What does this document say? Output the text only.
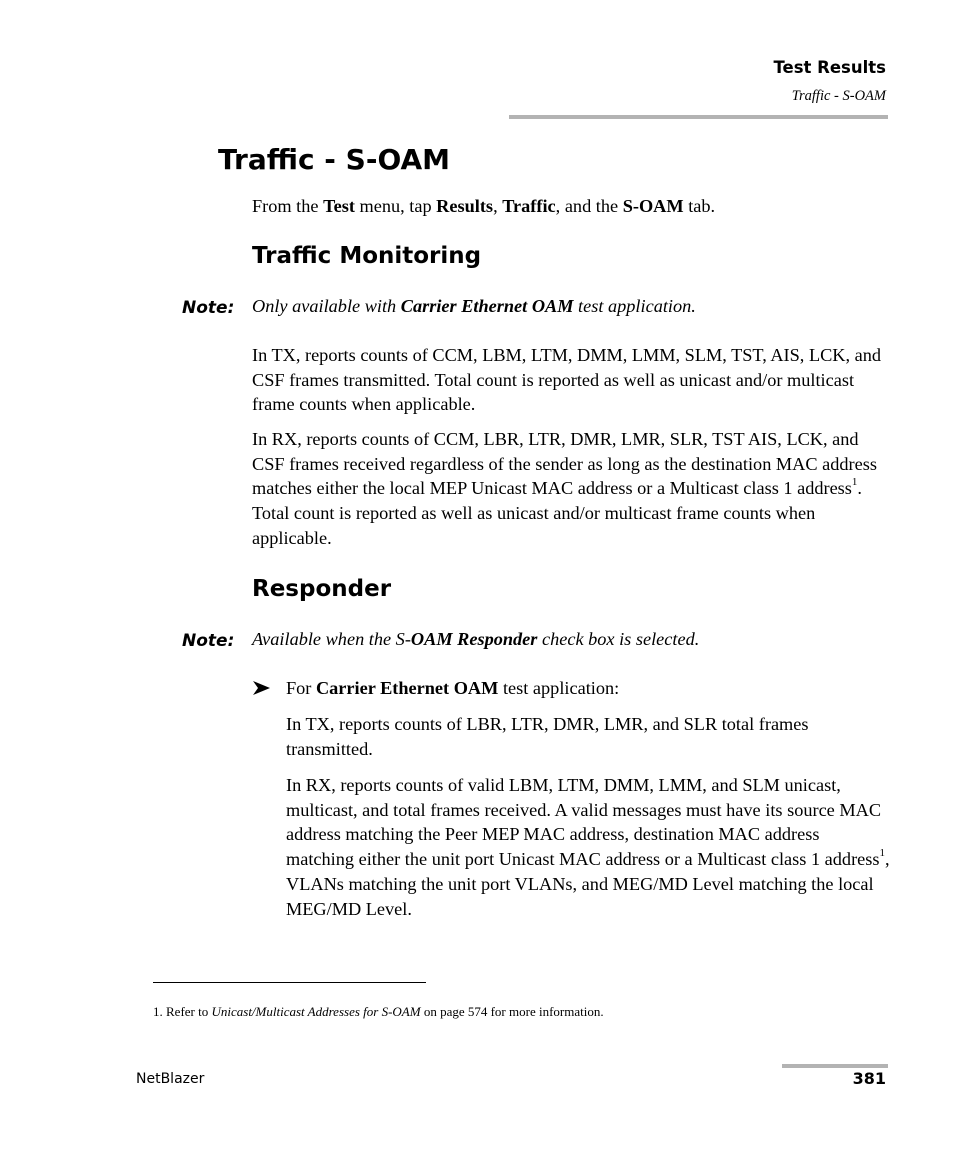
Test Results
Traffic - S-OAM
Traffic - S-OAM
From the Test menu, tap Results, Traffic, and the S-OAM tab.
Traffic Monitoring
Note: Only available with Carrier Ethernet OAM test application.
In TX, reports counts of CCM, LBM, LTM, DMM, LMM, SLM, TST, AIS, LCK, and CSF frames transmitted. Total count is reported as well as unicast and/or multicast frame counts when applicable.
In RX, reports counts of CCM, LBR, LTR, DMR, LMR, SLR, TST AIS, LCK, and CSF frames received regardless of the sender as long as the destination MAC address matches either the local MEP Unicast MAC address or a Multicast class 1 address$^1$. Total count is reported as well as unicast and/or multicast frame counts when applicable.
Responder
Note: Available when the S-OAM Responder check box is selected.
For Carrier Ethernet OAM test application:
In TX, reports counts of LBR, LTR, DMR, LMR, and SLR total frames transmitted.
In RX, reports counts of valid LBM, LTM, DMM, LMM, and SLM unicast, multicast, and total frames received. A valid messages must have its source MAC address matching the Peer MEP MAC address, destination MAC address matching either the unit port Unicast MAC address or a Multicast class 1 address$^1$, VLANs matching the unit port VLANs, and MEG/MD Level matching the local MEG/MD Level.
1. Refer to Unicast/Multicast Addresses for S-OAM on page 574 for more information.
NetBlazer	381
